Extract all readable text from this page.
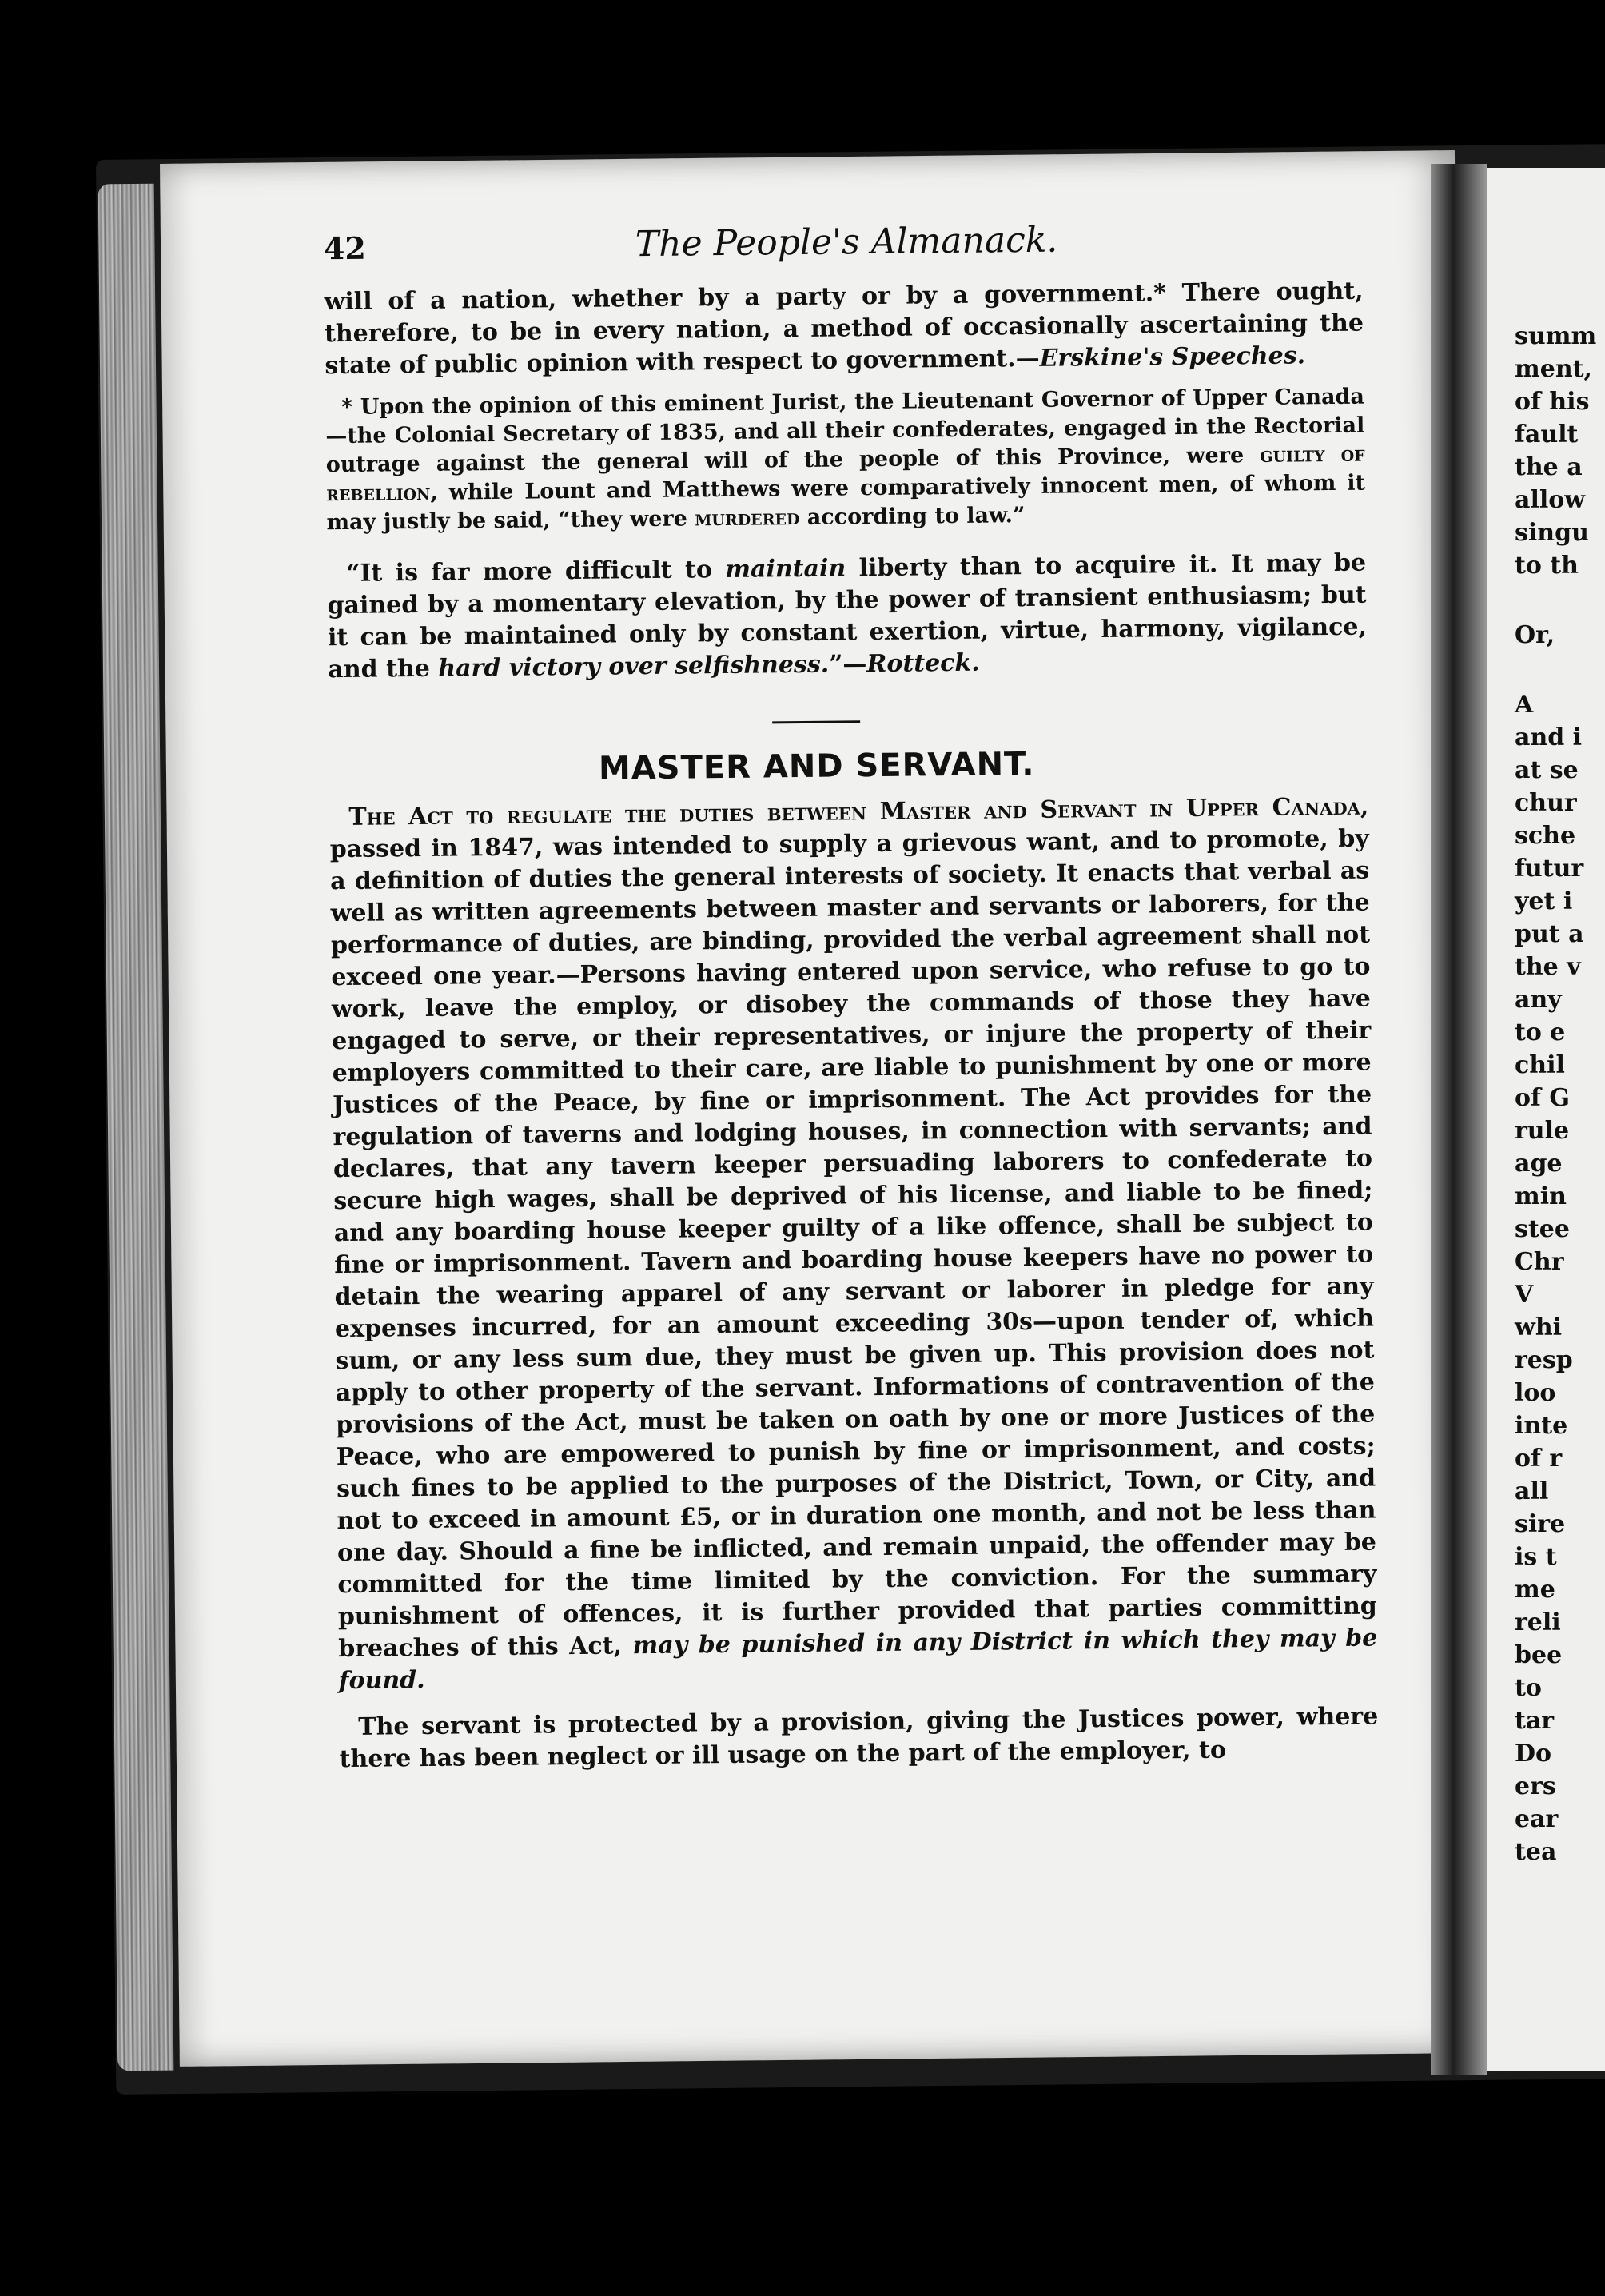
42	The People's Almanack.

will of a nation, whether by a party or by a government.* There ought, therefore, to be in every nation, a method of occasionally ascertaining the state of public opinion with respect to government.—Erskine's Speeches.

* Upon the opinion of this eminent Jurist, the Lieutenant Governor of Upper Canada—the Colonial Secretary of 1835, and all their confederates, engaged in the Rectorial outrage against the general will of the people of this Province, were guilty of rebellion, while Lount and Matthews were comparatively innocent men, of whom it may justly be said, “they were murdered according to law.”

“It is far more difficult to maintain liberty than to acquire it. It may be gained by a momentary elevation, by the power of transient enthusiasm; but it can be maintained only by constant exertion, virtue, harmony, vigilance, and the hard victory over selfishness.”—Rotteck.

MASTER AND SERVANT.

The Act to regulate the duties between Master and Servant in Upper Canada, passed in 1847, was intended to supply a grievous want, and to promote, by a definition of duties the general interests of society. It enacts that verbal as well as written agreements between master and servants or laborers, for the performance of duties, are binding, provided the verbal agreement shall not exceed one year.—Persons having entered upon service, who refuse to go to work, leave the employ, or disobey the commands of those they have engaged to serve, or their representatives, or injure the property of their employers committed to their care, are liable to punishment by one or more Justices of the Peace, by fine or imprisonment. The Act provides for the regulation of taverns and lodging houses, in connection with servants; and declares, that any tavern keeper persuading laborers to confederate to secure high wages, shall be deprived of his license, and liable to be fined; and any boarding house keeper guilty of a like offence, shall be subject to fine or imprisonment. Tavern and boarding house keepers have no power to detain the wearing apparel of any servant or laborer in pledge for any expenses incurred, for an amount exceeding 30s—upon tender of, which sum, or any less sum due, they must be given up. This provision does not apply to other property of the servant. Informations of contravention of the provisions of the Act, must be taken on oath by one or more Justices of the Peace, who are empowered to punish by fine or imprisonment, and costs; such fines to be applied to the purposes of the District, Town, or City, and not to exceed in amount £5, or in duration one month, and not be less than one day. Should a fine be inflicted, and remain unpaid, the offender may be committed for the time limited by the conviction. For the summary punishment of offences, it is further provided that parties committing breaches of this Act, may be punished in any District in which they may be found.

The servant is protected by a provision, giving the Justices power, where there has been neglect or ill usage on the part of the employer, to

summ
ment,
of his
fault
the a
allow
singu
to th
Or,
A
and i
at se
chur
sche
futur
yet i
put a
the v
any
to e
chil
of G
rule
age
min
stee
Chr
V
whi
resp
loo
inte
of r
all
sire
is t
me
reli
bee
to
tar
Do
ers
ear
tea
